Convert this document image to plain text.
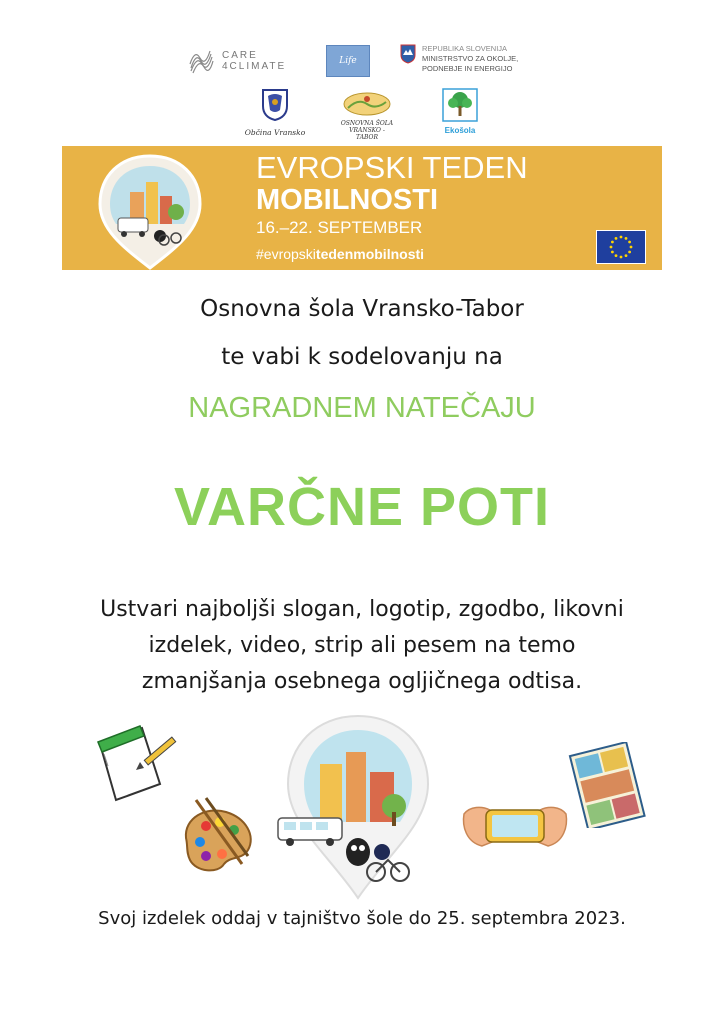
CARE
4CLIMATE	Life
REPUBLIKA SLOVENIJA
MINISTRSTVO ZA OKOLJE,
PODNEBJE IN ENERGIJO
Občina Vransko
OSNOVNA ŠOLA
VRANSKO - TABOR
Ekošola
EVROPSKI TEDEN
MOBILNOSTI
16.–22. SEPTEMBER
#evropskitedenmobilnosti
Osnovna šola Vransko-Tabor
te vabi k sodelovanju na
NAGRADNEM NATEČAJU
VARČNE POTI
Ustvari najboljši slogan, logotip, zgodbo, likovni
izdelek, video, strip ali pesem na temo
zmanjšanja osebnega ogljičnega odtisa.
Svoj izdelek oddaj v tajništvo šole do 25. septembra 2023.
